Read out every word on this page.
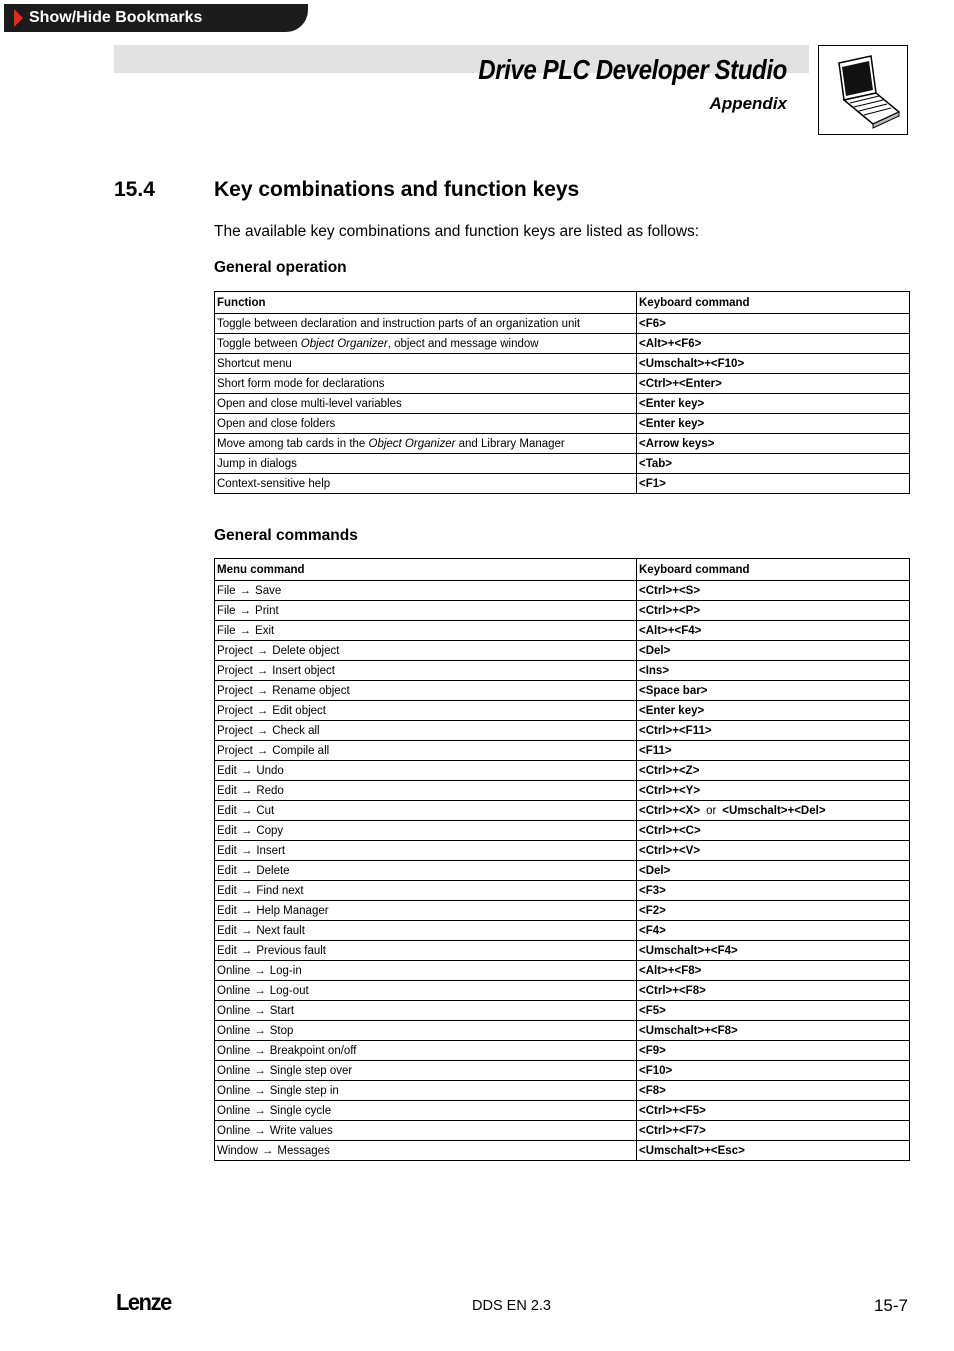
Show/Hide Bookmarks
Drive PLC Developer Studio
Appendix
15.4	Key combinations and function keys
The available key combinations and function keys are listed as follows:
General operation
Function	Keyboard command
Toggle between declaration and instruction parts of an organization unit	<F6>
Toggle between Object Organizer, object and message window	<Alt>+<F6>
Shortcut menu	<Umschalt>+<F10>
Short form mode for declarations	<Ctrl>+<Enter>
Open and close multi-level variables	<Enter key>
Open and close folders	<Enter key>
Move among tab cards in the Object Organizer and Library Manager	<Arrow keys>
Jump in dialogs	<Tab>
Context-sensitive help	<F1>
General commands
Menu command	Keyboard command
File → Save	<Ctrl>+<S>
File → Print	<Ctrl>+<P>
File → Exit	<Alt>+<F4>
Project → Delete object	<Del>
Project → Insert object	<Ins>
Project → Rename object	<Space bar>
Project → Edit object	<Enter key>
Project → Check all	<Ctrl>+<F11>
Project → Compile all	<F11>
Edit → Undo	<Ctrl>+<Z>
Edit → Redo	<Ctrl>+<Y>
Edit → Cut	<Ctrl>+<X> or <Umschalt>+<Del>
Edit → Copy	<Ctrl>+<C>
Edit → Insert	<Ctrl>+<V>
Edit → Delete	<Del>
Edit → Find next	<F3>
Edit → Help Manager	<F2>
Edit → Next fault	<F4>
Edit → Previous fault	<Umschalt>+<F4>
Online → Log-in	<Alt>+<F8>
Online → Log-out	<Ctrl>+<F8>
Online → Start	<F5>
Online → Stop	<Umschalt>+<F8>
Online → Breakpoint on/off	<F9>
Online → Single step over	<F10>
Online → Single step in	<F8>
Online → Single cycle	<Ctrl>+<F5>
Online → Write values	<Ctrl>+<F7>
Window → Messages	<Umschalt>+<Esc>
Lenze	DDS EN 2.3	15-7
